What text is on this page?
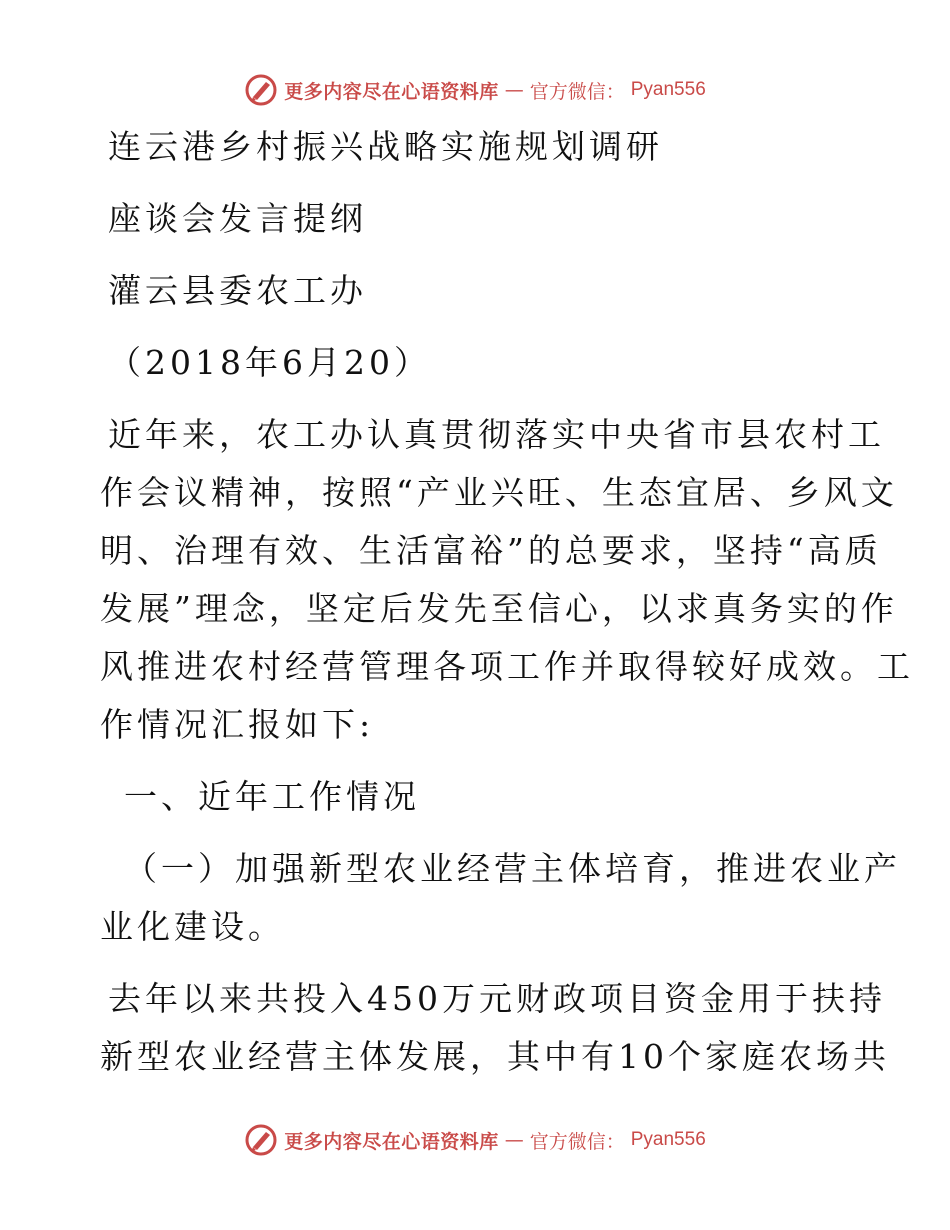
更多内容尽在心语资料库 — 官方微信： Pyan556

连云港乡村振兴战略实施规划调研

座谈会发言提纲

灌云县委农工办

（2018年6月20）

近年来，农工办认真贯彻落实中央省市县农村工

作会议精神，按照“产业兴旺、生态宜居、乡风文

明、治理有效、生活富裕”的总要求，坚持“高质

发展”理念，坚定后发先至信心，以求真务实的作

风推进农村经营管理各项工作并取得较好成效。工

作情况汇报如下:

一、近年工作情况

（一）加强新型农业经营主体培育，推进农业产

业化建设。

去年以来共投入450万元财政项目资金用于扶持

新型农业经营主体发展，其中有10个家庭农场共

更多内容尽在心语资料库 — 官方微信： Pyan556
